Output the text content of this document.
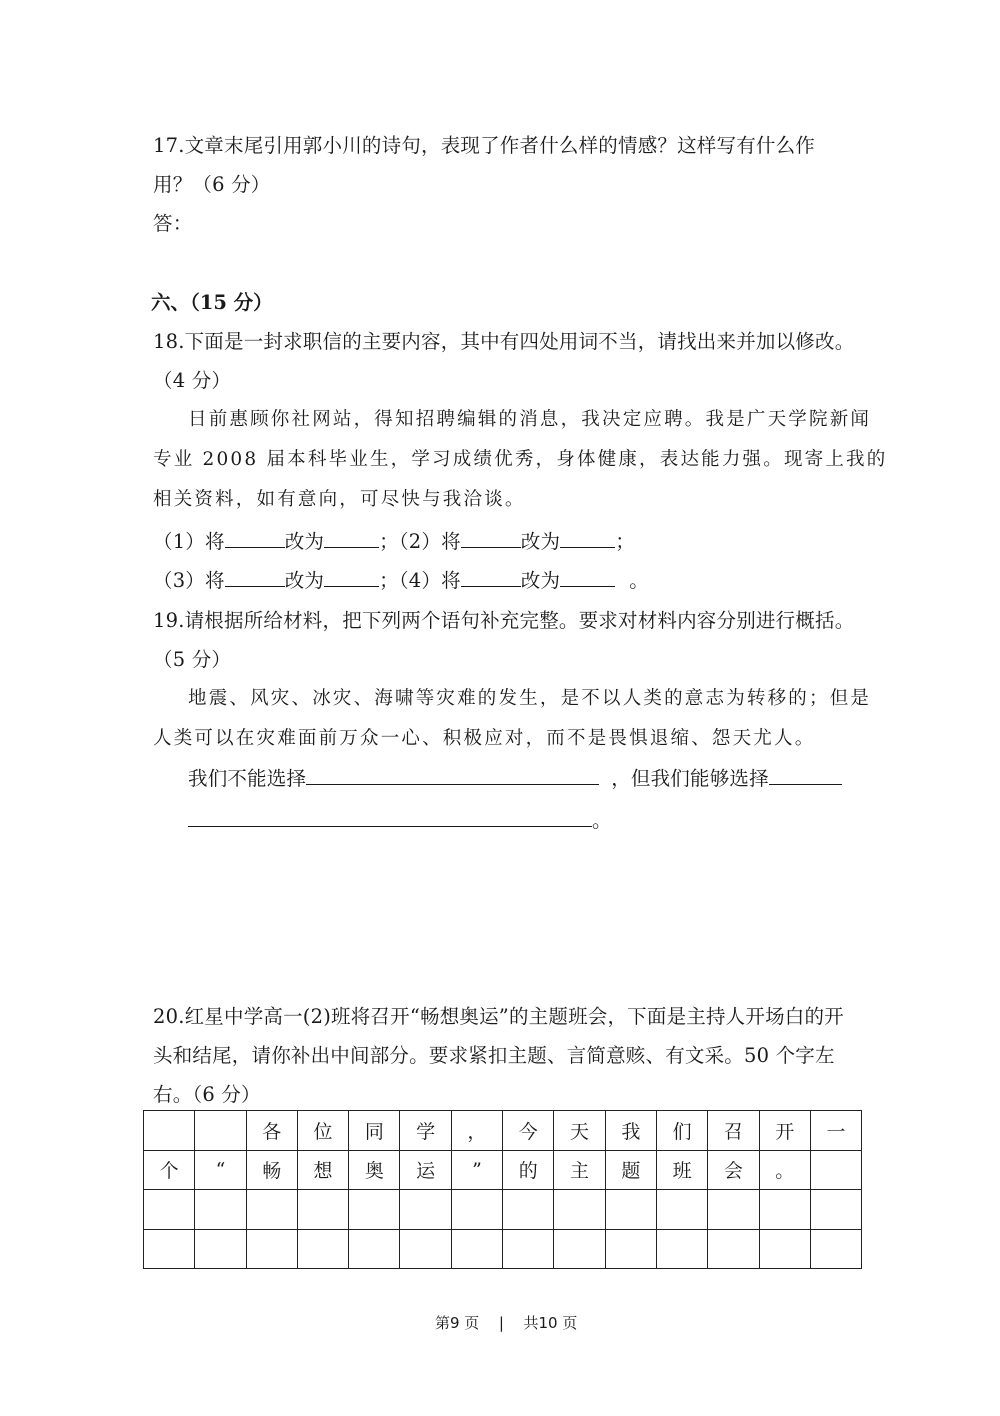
17.文章末尾引用郭小川的诗句，表现了作者什么样的情感？这样写有什么作
用？（6 分）
答：
六、（15 分）
18.下面是一封求职信的主要内容，其中有四处用词不当，请找出来并加以修改。
（4 分）
日前惠顾你社网站，得知招聘编辑的消息，我决定应聘。我是广天学院新闻
专业 2008 届本科毕业生，学习成绩优秀，身体健康，表达能力强。现寄上我的
相关资料，如有意向，可尽快与我洽谈。
（1）将	改为	；（2）将	改为	；
（3）将	改为	；（4）将	改为	。
19.请根据所给材料，把下列两个语句补充完整。要求对材料内容分别进行概括。
（5 分）
地震、风灾、冰灾、海啸等灾难的发生，是不以人类的意志为转移的；但是
人类可以在灾难面前万众一心、积极应对，而不是畏惧退缩、怨天尤人。
我们不能选择	，但我们能够选择
。
20.红星中学高一(2)班将召开“畅想奥运”的主题班会，下面是主持人开场白的开
头和结尾，请你补出中间部分。要求紧扣主题、言简意赅、有文采。50 个字左
右。（6 分）
		各	位	同	学	，	今	天	我	们	召	开	一
个	“	畅	想	奥	运	”	的	主	题	班	会	。	

第9 页 | 共10 页
